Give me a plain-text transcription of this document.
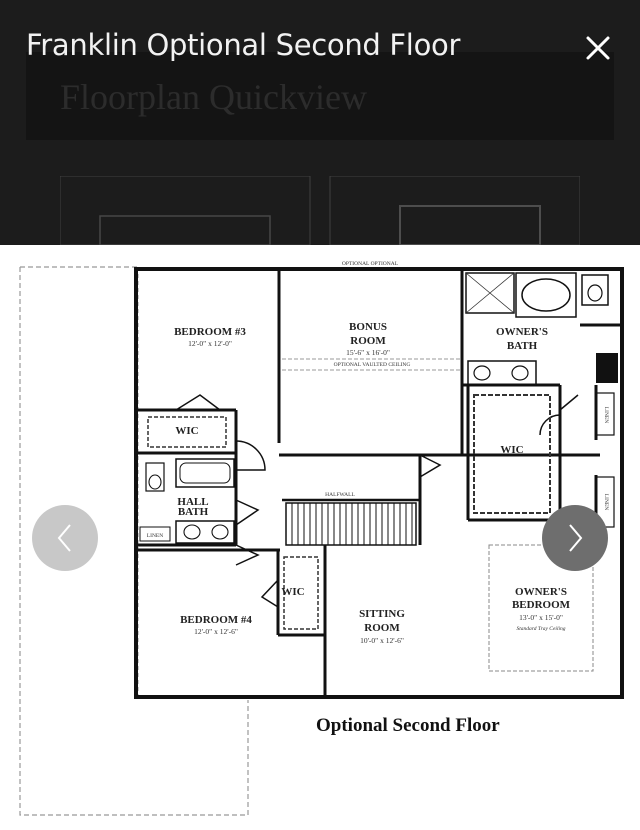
Floorplan Quickview
Franklin Optional Second Floor
OPTIONAL OPTIONAL
BEDROOM #3
12'-0" x 12'-0"
BONUS
ROOM
15'-6" x 16'-0"
OPTIONAL VAULTED CEILING
OWNER'S
BATH
WIC
WIC
WIC
HALL
BATH
LINEN
LINEN
LINEN
HALFWALL
BEDROOM #4
12'-0" x 12'-6"
SITTING
ROOM
10'-0" x 12'-6"
OWNER'S
BEDROOM
13'-0" x 15'-0"
Standard Tray Ceiling
Optional Second Floor
